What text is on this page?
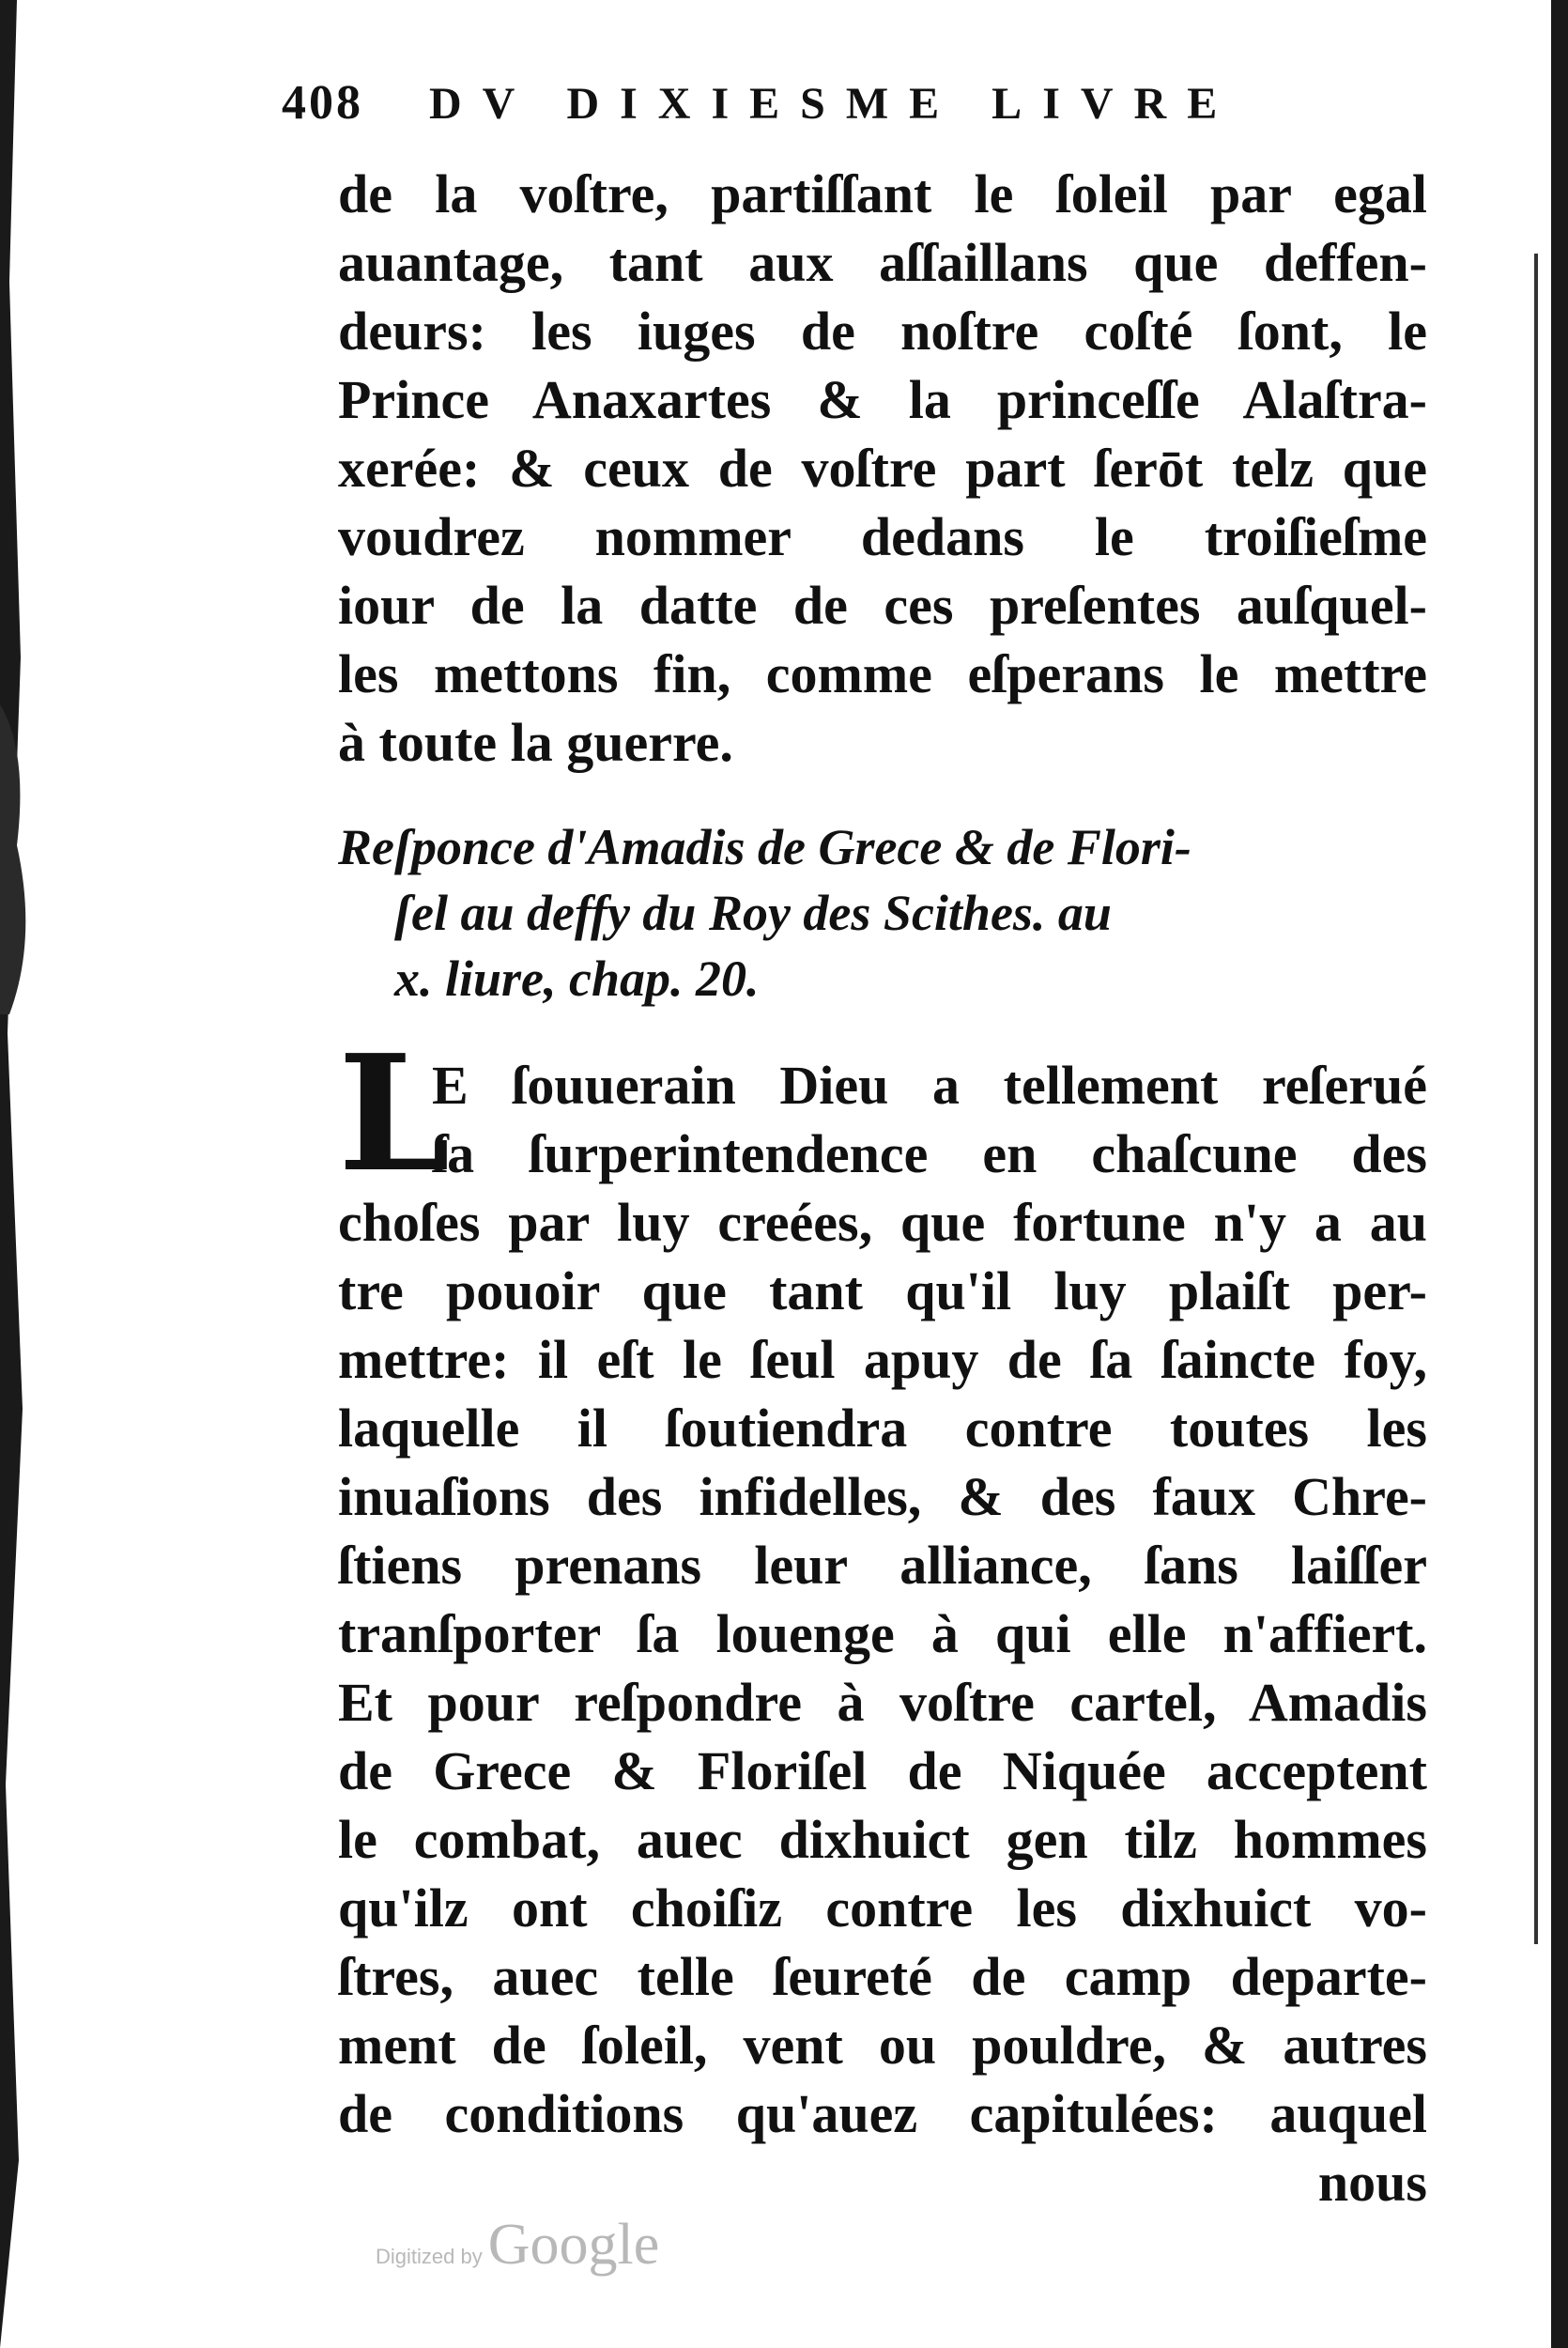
408 DV DIXIESME LIVRE
de la voſtre, partiſſant le ſoleil par egal
auantage, tant aux aſſaillans que deffen-
deurs: les iuges de noſtre coſté ſont, le
Prince Anaxartes & la princeſſe Alaſtra-
xerée: & ceux de voſtre part ſerōt telz que
voudrez nommer dedans le troiſieſme
iour de la datte de ces preſentes auſquel-
les mettons fin, comme eſperans le mettre
à toute la guerre.
Reſponce d'Amadis de Grece & de Flori-
ſel au deffy du Roy des Scithes. au
x. liure, chap. 20.
L
E ſouuerain Dieu a tellement reſerué
ſa ſurperintendence en chaſcune des
choſes par luy creées, que fortune n'y a au
tre pouoir que tant qu'il luy plaiſt per-
mettre: il eſt le ſeul apuy de ſa ſaincte foy,
laquelle il ſoutiendra contre toutes les
inuaſions des infidelles, & des faux Chre-
ſtiens prenans leur alliance, ſans laiſſer
tranſporter ſa louenge à qui elle n'affiert.
Et pour reſpondre à voſtre cartel, Amadis
de Grece & Floriſel de Niquée acceptent
le combat, auec dixhuict gen tilz hommes
qu'ilz ont choiſiz contre les dixhuict vo-
ſtres, auec telle ſeureté de camp departe-
ment de ſoleil, vent ou pouldre, & autres
de conditions qu'auez capitulées: auquel
nous
Digitized by Google
